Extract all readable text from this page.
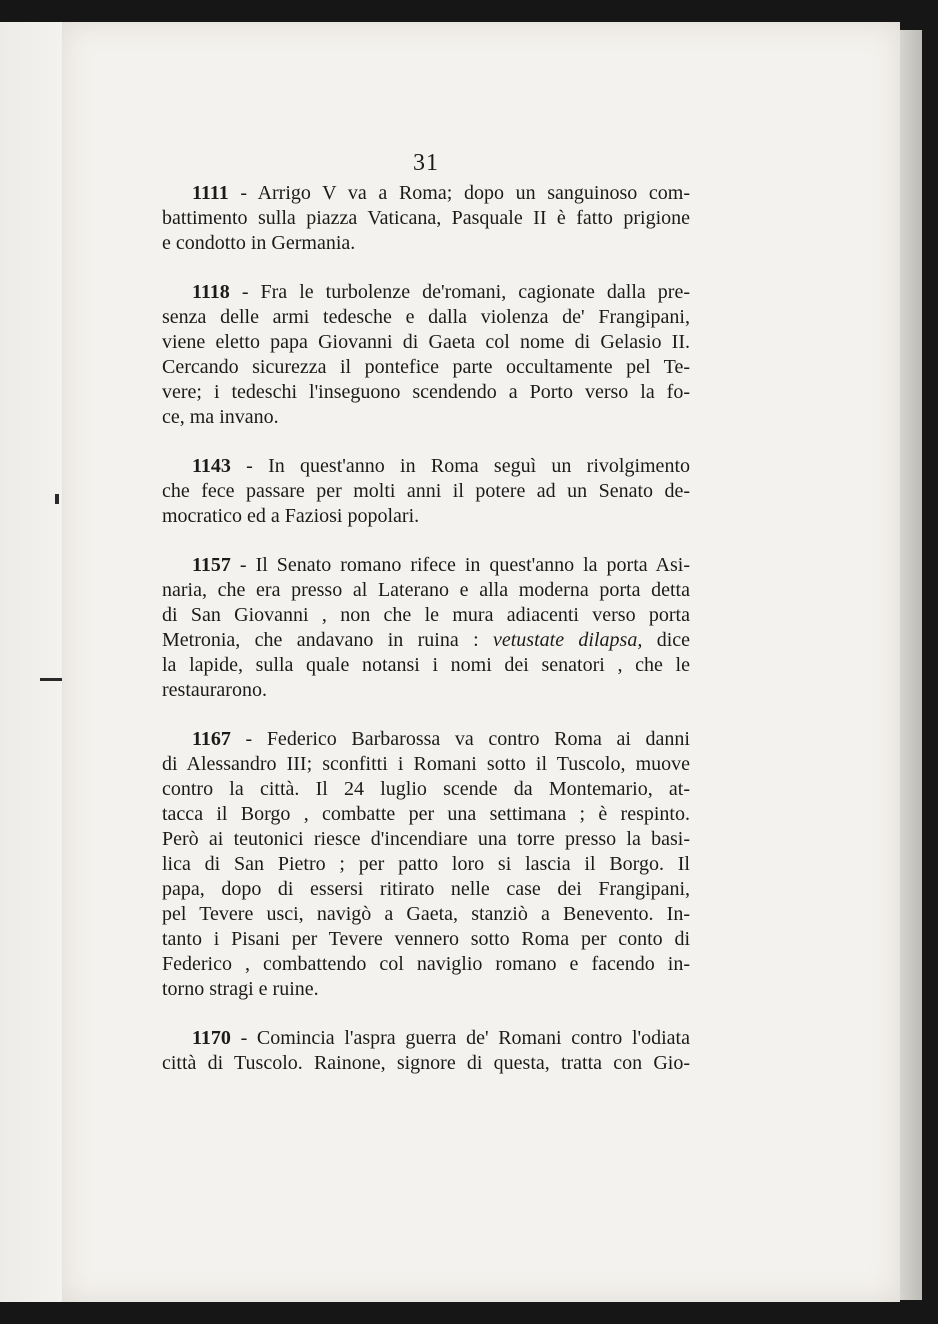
31
1111 - Arrigo V va a Roma; dopo un sanguinoso com-
battimento sulla piazza Vaticana, Pasquale II è fatto prigione
e condotto in Germania.
1118 - Fra le turbolenze de'romani, cagionate dalla pre-
senza delle armi tedesche e dalla violenza de' Frangipani,
viene eletto papa Giovanni di Gaeta col nome di Gelasio II.
Cercando sicurezza il pontefice parte occultamente pel Te-
vere; i tedeschi l'inseguono scendendo a Porto verso la fo-
ce, ma invano.
1143 - In quest'anno in Roma seguì un rivolgimento
che fece passare per molti anni il potere ad un Senato de-
mocratico ed a Faziosi popolari.
1157 - Il Senato romano rifece in quest'anno la porta Asi-
naria, che era presso al Laterano e alla moderna porta detta
di San Giovanni , non che le mura adiacenti verso porta
Metronia, che andavano in ruina : vetustate dilapsa, dice
la lapide, sulla quale notansi i nomi dei senatori , che le
restaurarono.
1167 - Federico Barbarossa va contro Roma ai danni
di Alessandro III; sconfitti i Romani sotto il Tuscolo, muove
contro la città. Il 24 luglio scende da Montemario, at-
tacca il Borgo , combatte per una settimana ; è respinto.
Però ai teutonici riesce d'incendiare una torre presso la basi-
lica di San Pietro ; per patto loro si lascia il Borgo. Il
papa, dopo di essersi ritirato nelle case dei Frangipani,
pel Tevere usci, navigò a Gaeta, stanziò a Benevento. In-
tanto i Pisani per Tevere vennero sotto Roma per conto di
Federico , combattendo col naviglio romano e facendo in-
torno stragi e ruine.
1170 - Comincia l'aspra guerra de' Romani contro l'odiata
città di Tuscolo. Rainone, signore di questa, tratta con Gio-
